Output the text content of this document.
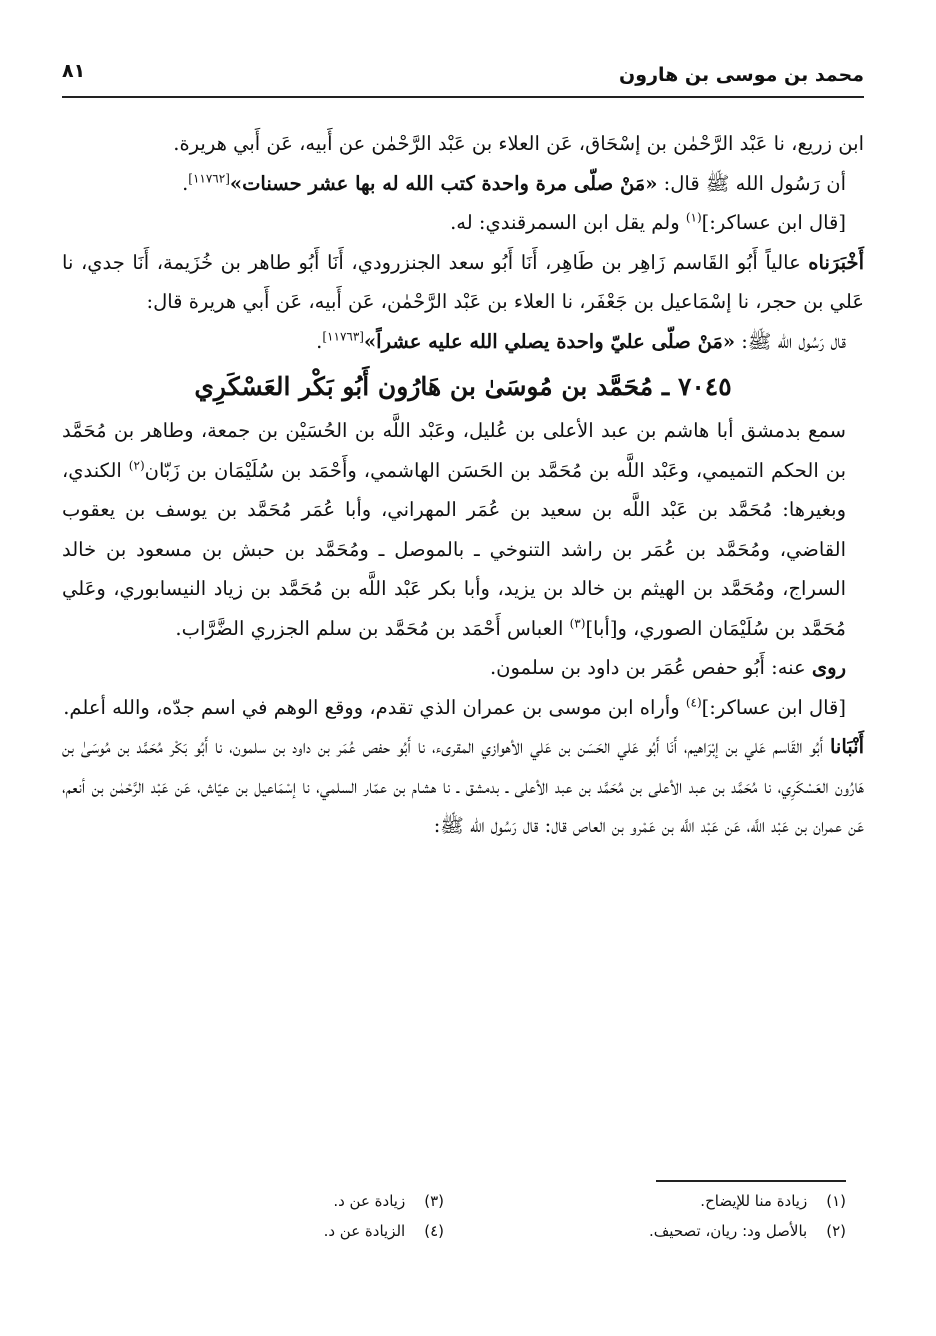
محمد بن موسى بن هارون
٨١

ابن زريع، نا عَبْد الرَّحْمٰن بن إسْحَاق، عَن العلاء بن عَبْد الرَّحْمٰن عن أَبيه، عَن أَبي هريرة.

أن رَسُول الله ﷺ قال: «مَنْ صلّى مرة واحدة كتب الله له بها عشر حسنات»[١١٧٦٢].

[قال ابن عساكر:]$^{(١)}$ ولم يقل ابن السمرقندي: له.

أَخْبَرَناه عالياً أَبُو القَاسم زَاهِر بن طَاهِر، أَنَا أَبُو سعد الجنزرودي، أَنَا أَبُو طاهر بن خُزَيمة، أَنَا جدي، نا عَلي بن حجر، نا إسْمَاعيل بن جَعْفَر، نا العلاء بن عَبْد الرَّحْمٰن، عَن أَبيه، عَن أَبي هريرة قال:

قال رَسُول الله ﷺ: «مَنْ صلّى عليّ واحدة يصلي الله عليه عشراً»[١١٧٦٣].

٧٠٤٥ ـ مُحَمَّد بن مُوسَىٰ بن هَارُون أَبُو بَكْر العَسْكَرِي

سمع بدمشق أبا هاشم بن عبد الأعلى بن عُليل، وعَبْد اللَّه بن الحُسَيْن بن جمعة، وطاهر بن مُحَمَّد بن الحكم التميمي، وعَبْد اللَّه بن مُحَمَّد بن الحَسَن الهاشمي، وأَحْمَد بن سُلَيْمَان بن زَبّان$^{(٢)}$ الكندي، وبغيرها: مُحَمَّد بن عَبْد اللَّه بن سعيد بن عُمَر المهراني، وأبا عُمَر مُحَمَّد بن يوسف بن يعقوب القاضي، ومُحَمَّد بن عُمَر بن راشد التنوخي ـ بالموصل ـ ومُحَمَّد بن حبش بن مسعود بن خالد السراج، ومُحَمَّد بن الهيثم بن خالد بن يزيد، وأبا بكر عَبْد اللَّه بن مُحَمَّد بن زياد النيسابوري، وعَلي مُحَمَّد بن سُلَيْمَان الصوري، و[أبا]$^{(٣)}$ العباس أَحْمَد بن مُحَمَّد بن سلم الجزري الضَّرَّاب.

روى عنه: أَبُو حفص عُمَر بن داود بن سلمون.

[قال ابن عساكر:]$^{(٤)}$ وأراه ابن موسى بن عمران الذي تقدم، ووقع الوهم في اسم جدّه، والله أعلم.

أَنْبَانا أَبُو القَاسم عَلي بن إبْرَاهيم، أَنَا أَبُو عَلي الحَسَن بن عَلي الأهوازي المقرىء، نا أَبُو حفص عُمَر بن داود بن سلمون، نا أَبُو بَكْر مُحَمَّد بن مُوسَىٰ بن هَارُون العَسْكَرِي، نا مُحَمَّد بن عبد الأعلى بن مُحَمَّد بن عبد الأعلى ـ بدمشق ـ نا هشام بن عمّار السلمي، نا إسْمَاعيل بن عيّاش، عَن عَبْد الرَّحْمٰن بن أنعم، عَن عمران بن عَبْد اللَّه، عَن عَبْد اللَّه بن عَمْرو بن العاص قال: قال رَسُول الله ﷺ:

(١) زيادة منا للإيضاح.
(٢) بالأصل ود: ريان، تصحيف.
(٣) زيادة عن د.
(٤) الزيادة عن د.
